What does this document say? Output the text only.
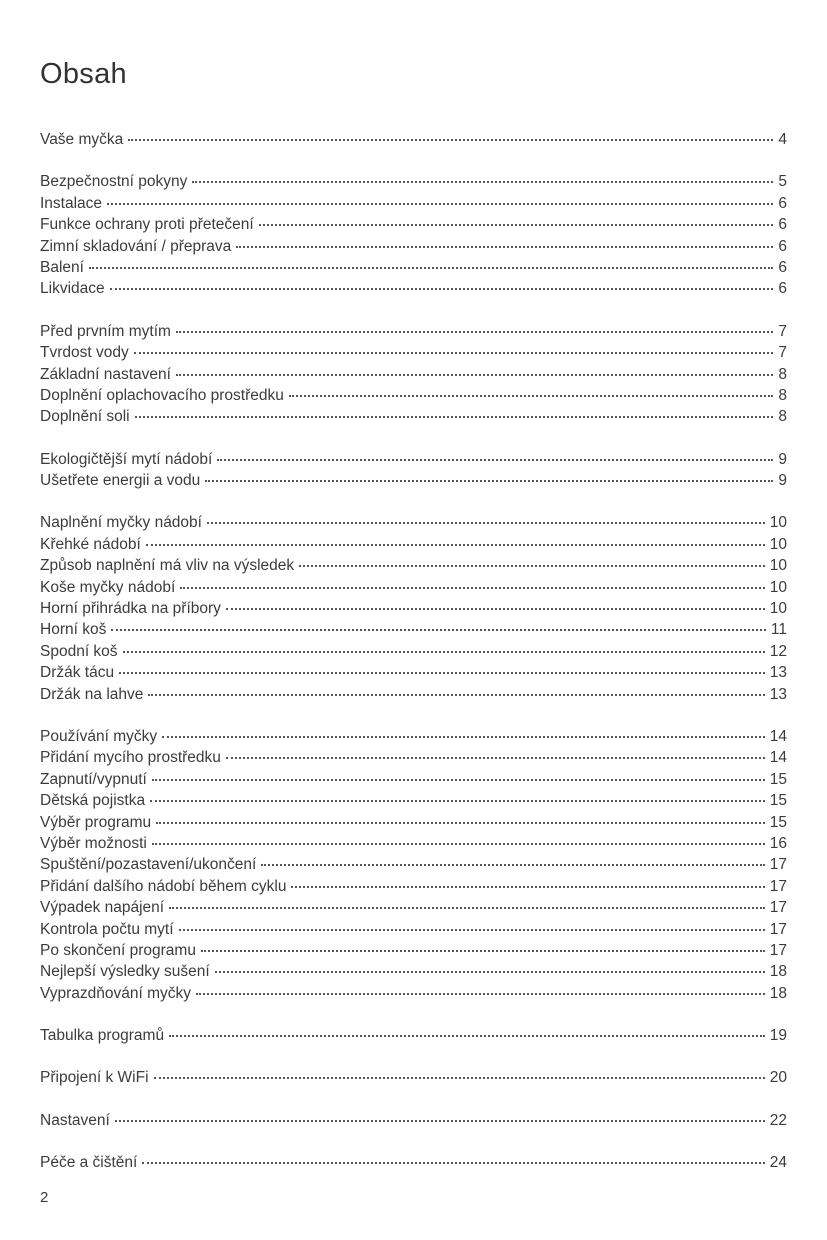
Obsah
Vaše myčka	4
Bezpečnostní pokyny	5
Instalace	6
Funkce ochrany proti přetečení	6
Zimní skladování / přeprava	6
Balení	6
Likvidace	6
Před prvním mytím	7
Tvrdost vody	7
Základní nastavení	8
Doplnění oplachovacího prostředku	8
Doplnění soli	8
Ekologičtější mytí nádobí	9
Ušetřete energii a vodu	9
Naplnění myčky nádobí	10
Křehké nádobí	10
Způsob naplnění má vliv na výsledek	10
Koše myčky nádobí	10
Horní přihrádka na příbory	10
Horní koš	11
Spodní koš	12
Držák tácu	13
Držák na lahve	13
Používání myčky	14
Přidání mycího prostředku	14
Zapnutí/vypnutí	15
Dětská pojistka	15
Výběr programu	15
Výběr možnosti	16
Spuštění/pozastavení/ukončení	17
Přidání dalšího nádobí během cyklu	17
Výpadek napájení	17
Kontrola počtu mytí	17
Po skončení programu	17
Nejlepší výsledky sušení	18
Vyprazdňování myčky	18
Tabulka programů	19
Připojení k WiFi	20
Nastavení	22
Péče a čištění	24
2
